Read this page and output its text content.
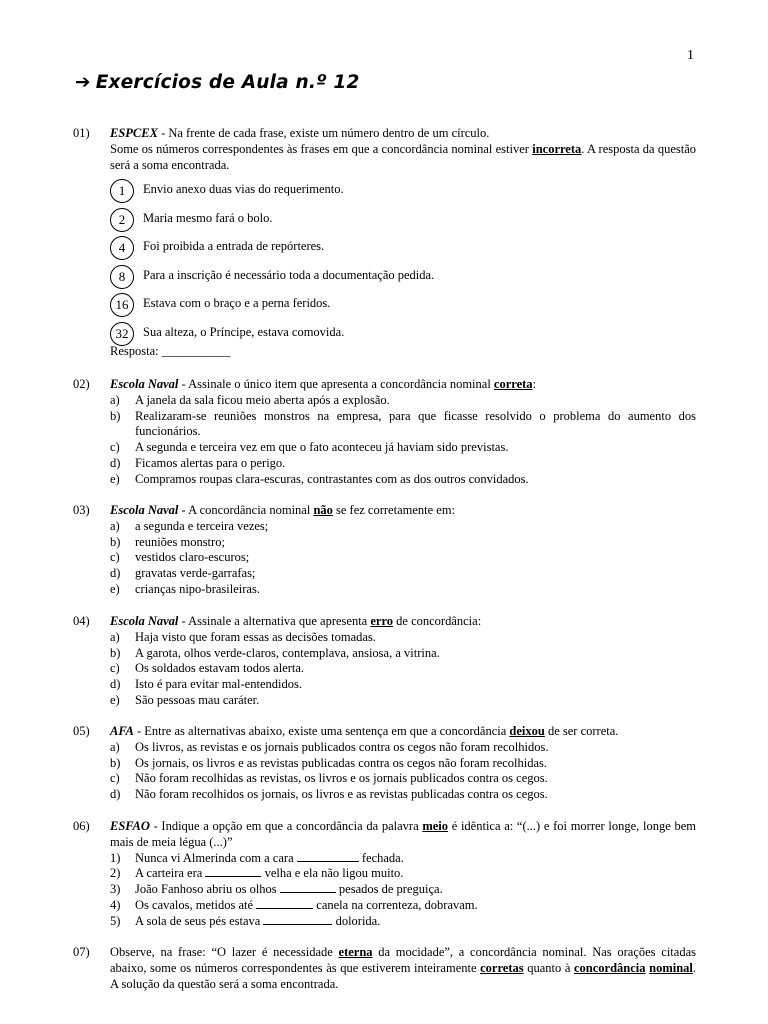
1
➔ Exercícios de Aula n.º 12
01) ESPCEX - Na frente de cada frase, existe um número dentro de um círculo.
Some os números correspondentes às frases em que a concordância nominal estiver incorreta. A resposta da questão será a soma encontrada.
1	Envio anexo duas vias do requerimento.
2	Maria mesmo fará o bolo.
4	Foi proibida a entrada de repórteres.
8	Para a inscrição é necessário toda a documentação pedida.
16	Estava com o braço e a perna feridos.
32	Sua alteza, o Príncipe, estava comovida.
Resposta: ___________
02) Escola Naval - Assinale o único item que apresenta a concordância nominal correta:
a) A janela da sala ficou meio aberta após a explosão.
b) Realizaram-se reuniões monstros na empresa, para que ficasse resolvido o problema do aumento dos funcionários.
c) A segunda e terceira vez em que o fato aconteceu já haviam sido previstas.
d) Ficamos alertas para o perigo.
e) Compramos roupas clara-escuras, contrastantes com as dos outros convidados.
03) Escola Naval - A concordância nominal não se fez corretamente em:
a) a segunda e terceira vezes;
b) reuniões monstro;
c) vestidos claro-escuros;
d) gravatas verde-garrafas;
e) crianças nipo-brasileiras.
04) Escola Naval - Assinale a alternativa que apresenta erro de concordância:
a) Haja visto que foram essas as decisões tomadas.
b) A garota, olhos verde-claros, contemplava, ansiosa, a vitrina.
c) Os soldados estavam todos alerta.
d) Isto é para evitar mal-entendidos.
e) São pessoas mau caráter.
05) AFA - Entre as alternativas abaixo, existe uma sentença em que a concordância deixou de ser correta.
a) Os livros, as revistas e os jornais publicados contra os cegos não foram recolhidos.
b) Os jornais, os livros e as revistas publicadas contra os cegos não foram recolhidas.
c) Não foram recolhidas as revistas, os livros e os jornais publicados contra os cegos.
d) Não foram recolhidos os jornais, os livros e as revistas publicadas contra os cegos.
06) ESFAO - Indique a opção em que a concordância da palavra meio é idêntica a: “(...) e foi morrer longe, longe bem mais de meia légua (...)”
1) Nunca vi Almerinda com a cara	fechada.
2) A carteira era	velha e ela não ligou muito.
3) João Fanhoso abriu os olhos	pesados de preguiça.
4) Os cavalos, metidos até	canela na correnteza, dobravam.
5) A sola de seus pés estava	dolorida.
07) Observe, na frase: “O lazer é necessidade eterna da mocidade”, a concordância nominal. Nas orações citadas abaixo, some os números correspondentes às que estiverem inteiramente corretas quanto à concordância nominal. A solução da questão será a soma encontrada.
